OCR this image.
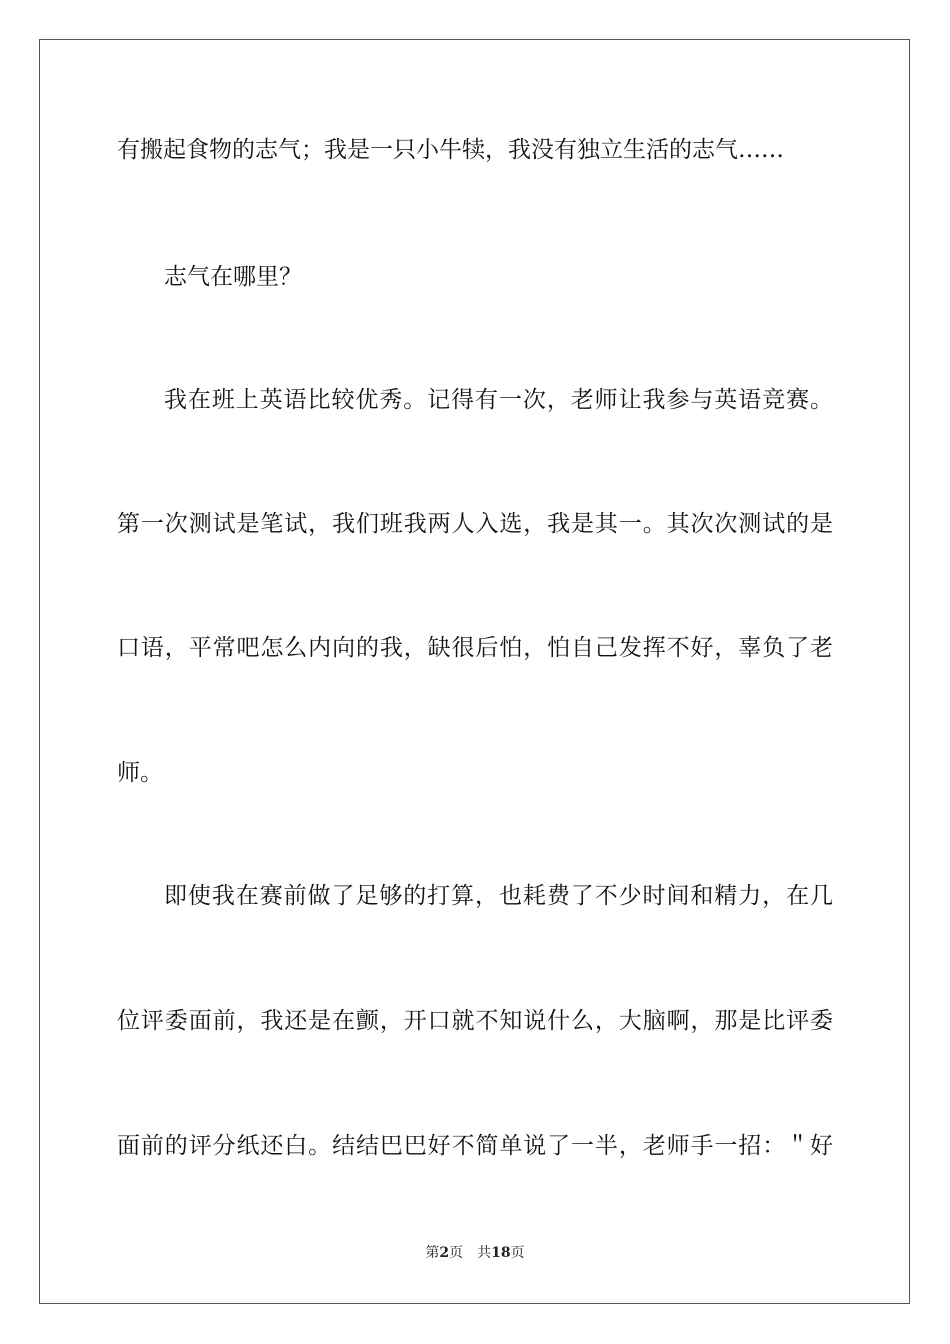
有搬起食物的志气；我是一只小牛犊，我没有独立生活的志气……
志气在哪里？
我在班上英语比较优秀。记得有一次，老师让我参与英语竞赛。
第一次测试是笔试，我们班我两人入选，我是其一。其次次测试的是
口语，平常吧怎么内向的我，缺很后怕，怕自己发挥不好，辜负了老
师。
即使我在赛前做了足够的打算，也耗费了不少时间和精力，在几
位评委面前，我还是在颤，开口就不知说什么，大脑啊，那是比评委
面前的评分纸还白。结结巴巴好不简单说了一半，老师手一招：＂好
第2页 共18页
